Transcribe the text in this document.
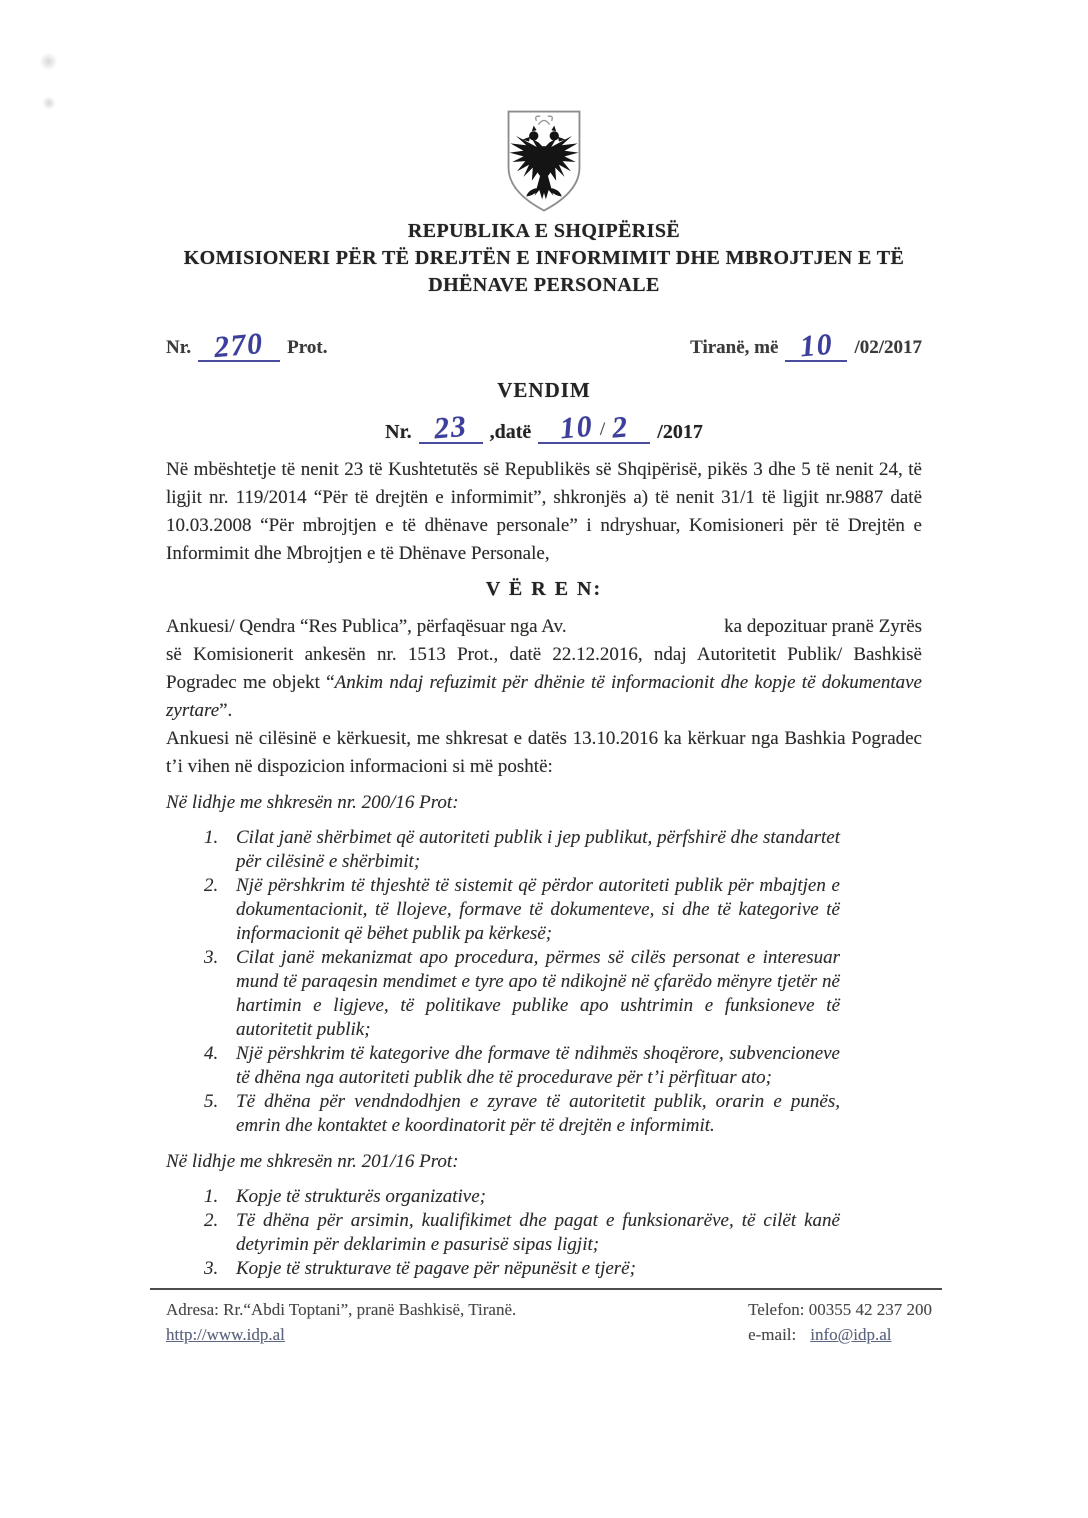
REPUBLIKA E SHQIPËRISË
KOMISIONERI PËR TË DREJTËN E INFORMIMIT DHE MBROJTJEN E TË
DHËNAVE PERSONALE
Nr. 270 Prot.	Tiranë, më 10 /02/2017
VENDIM
Nr. 23 ,datë 10 / 2 /2017

Në mbështetje të nenit 23 të Kushtetutës së Republikës së Shqipërisë, pikës 3 dhe 5 të nenit 24, të ligjit nr. 119/2014 “Për të drejtën e informimit”, shkronjës a) të nenit 31/1 të ligjit nr.9887 datë 10.03.2008 “Për mbrojtjen e të dhënave personale” i ndryshuar, Komisioneri për të Drejtën e Informimit dhe Mbrojtjen e të Dhënave Personale,

V Ë R E N:

Ankuesi/ Qendra “Res Publica”, përfaqësuar nga Av.	ka depozituar pranë Zyrës së Komisionerit ankesën nr. 1513 Prot., datë 22.12.2016, ndaj Autoritetit Publik/ Bashkisë Pogradec me objekt “Ankim ndaj refuzimit për dhënie të informacionit dhe kopje të dokumentave zyrtare”.

Ankuesi në cilësinë e kërkuesit, me shkresat e datës 13.10.2016 ka kërkuar nga Bashkia Pogradec t’i vihen në dispozicion informacioni si më poshtë:

Në lidhje me shkresën nr. 200/16 Prot:

Cilat janë shërbimet që autoriteti publik i jep publikut, përfshirë dhe standartet për cilësinë e shërbimit;
Një përshkrim të thjeshtë të sistemit që përdor autoriteti publik për mbajtjen e dokumentacionit, të llojeve, formave të dokumenteve, si dhe të kategorive të informacionit që bëhet publik pa kërkesë;
Cilat janë mekanizmat apo procedura, përmes së cilës personat e interesuar mund të paraqesin mendimet e tyre apo të ndikojnë në çfarëdo mënyre tjetër në hartimin e ligjeve, të politikave publike apo ushtrimin e funksioneve të autoritetit publik;
Një përshkrim të kategorive dhe formave të ndihmës shoqërore, subvencioneve të dhëna nga autoriteti publik dhe të procedurave për t’i përfituar ato;
Të dhëna për vendndodhjen e zyrave të autoritetit publik, orarin e punës, emrin dhe kontaktet e koordinatorit për të drejtën e informimit.

Në lidhje me shkresën nr. 201/16 Prot:

Kopje të strukturës organizative;
Të dhëna për arsimin, kualifikimet dhe pagat e funksionarëve, të cilët kanë detyrimin për deklarimin e pasurisë sipas ligjit;
Kopje të strukturave të pagave për nëpunësit e tjerë;
Adresa: Rr.“Abdi Toptani”, pranë Bashkisë, Tiranë.
http://www.idp.al
Telefon: 00355 42 237 200
e-mail: info@idp.al
